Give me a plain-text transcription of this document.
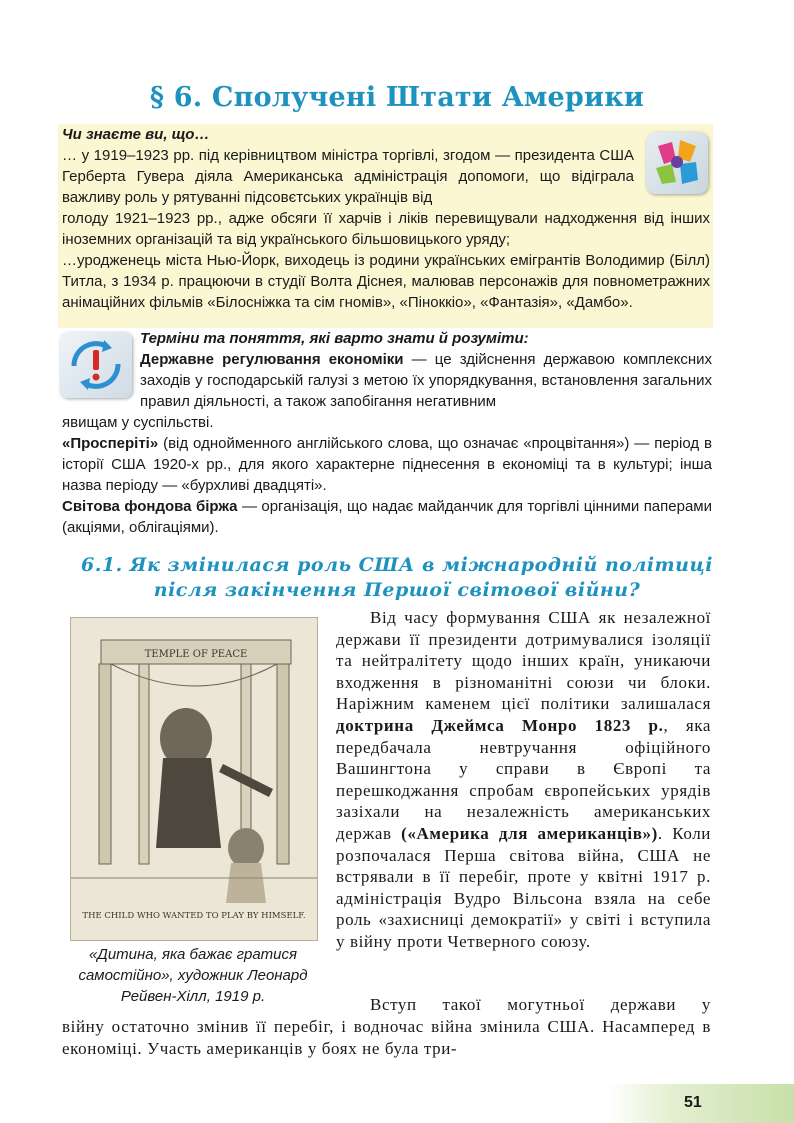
§ 6. Сполучені Штати Америки
Чи знаєте ви, що…

… у 1919–1923 рр. під керівництвом міністра торгівлі, згодом — президента США Герберта Гувера діяла Американська адміністрація допомоги, що відіграла важливу роль у рятуванні підсовєтських українців від

голоду 1921–1923 рр., адже обсяги її харчів і ліків перевищували надходження від інших іноземних організацій та від українського більшовицького уряду;

…уродженець міста Нью-Йорк, виходець із родини українських емігрантів Володимир (Білл) Титла, з 1934 р. працюючи в студії Волта Діснея, малював персонажів для повнометражних анімаційних фільмів «Білосніжка та сім гномів», «Піноккіо», «Фантазія», «Дамбо».

Терміни та поняття, які варто знати й розуміти:

Державне регулювання економіки — це здійснення державою комплексних заходів у господарській галузі з метою їх упорядкування, встановлення загальних правил діяльності, а також запобігання негативним

явищам у суспільстві.

«Просперіті» (від однойменного англійського слова, що означає «процвітання») — період в історії США 1920-х рр., для якого характерне піднесення в економіці та в культурі; інша назва періоду — «бурхливі двадцяті».

Світова фондова біржа — організація, що надає майданчик для торгівлі цінними паперами (акціями, облігаціями).

6.1. Як змінилася роль США в міжнародній політиці
після закінчення Першої світової війни?
TEMPLE OF PEACE
THE CHILD WHO WANTED TO PLAY BY HIMSELF.
«Дитина, яка бажає гратися самостійно», художник Леонард Рейвен-Хілл, 1919 р.

Від часу формування США як незалежної держави її президенти дотримувалися ізоляції та нейтралітету щодо інших країн, уникаючи входження в різноманітні союзи чи блоки. Наріжним каменем цієї політики залишалася доктрина Джеймса Монро 1823 р., яка передбачала невтручання офіційного Вашингтона у справи в Європі та перешкоджання спробам європейських урядів зазіхали на незалежність американських держав («Америка для американців»). Коли розпочалася Перша світова війна, США не встрявали в її перебіг, проте у квітні 1917 р. адміністрація Вудро Вільсона взяла на себе роль «захисниці демократії» у світі і вступила у війну проти Четверного союзу.

Вступ такої могутньої держави у

війну остаточно змінив її перебіг, і водночас війна змінила США. Насамперед в економіці. Участь американців у боях не була три-

51
